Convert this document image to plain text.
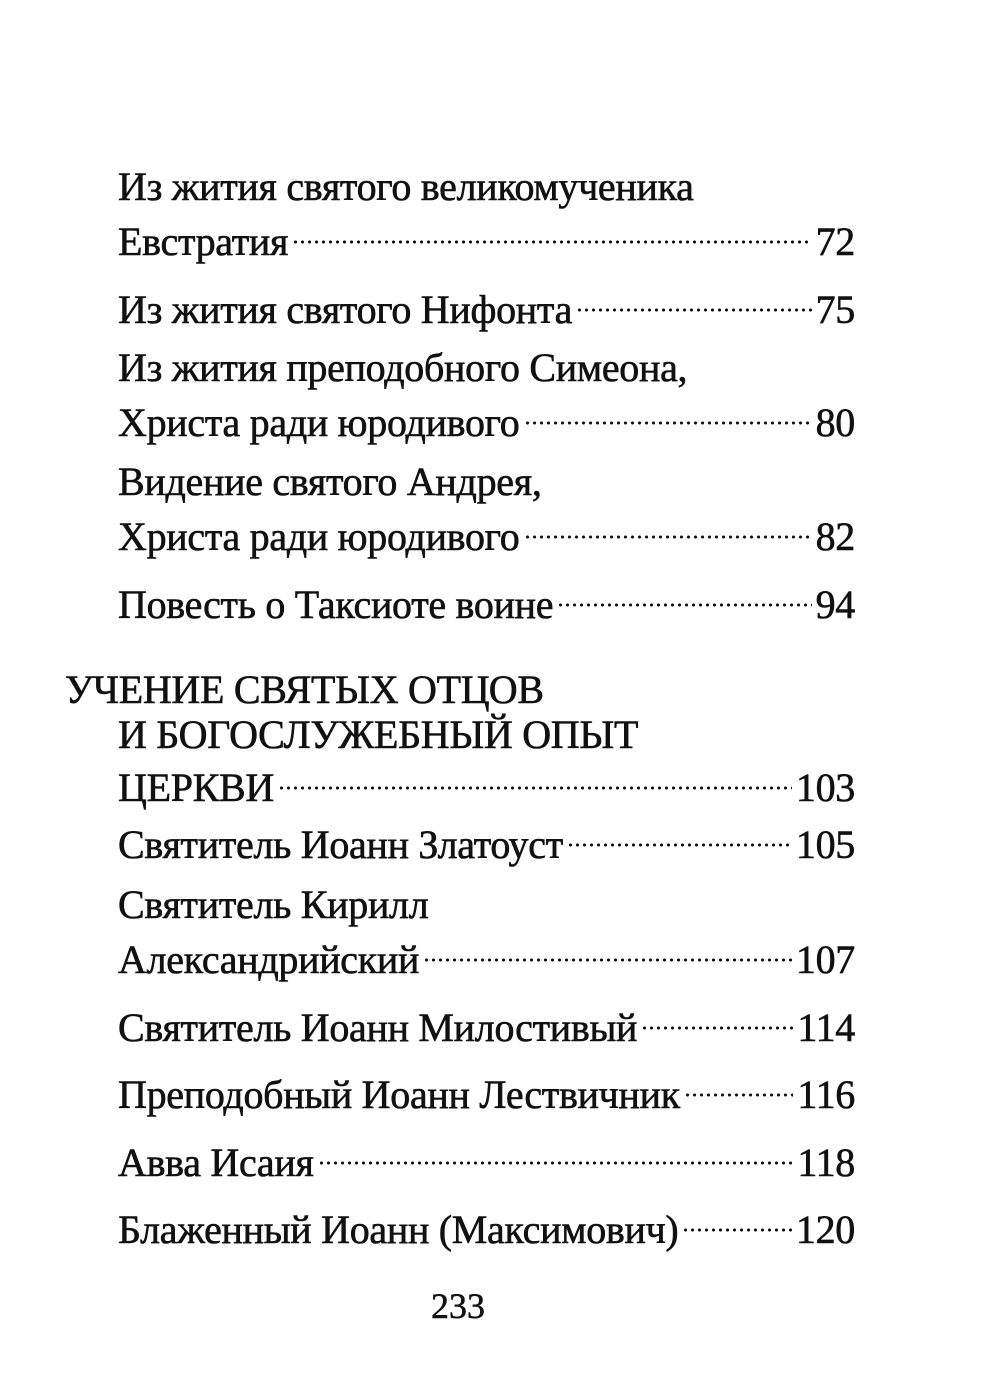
Из жития святого великомученика
Евстратия	72
Из жития святого Нифонта	75
Из жития преподобного Симеона,
Христа ради юродивого	80
Видение святого Андрея,
Христа ради юродивого	82
Повесть о Таксиоте воине	94
УЧЕНИЕ СВЯТЫХ ОТЦОВ
И БОГОСЛУЖЕБНЫЙ ОПЫТ
ЦЕРКВИ	103
Святитель Иоанн Златоуст	105
Святитель Кирилл
Александрийский	107
Святитель Иоанн Милостивый	114
Преподобный Иоанн Лествичник	116
Авва Исаия	118
Блаженный Иоанн (Максимович)	120
233
